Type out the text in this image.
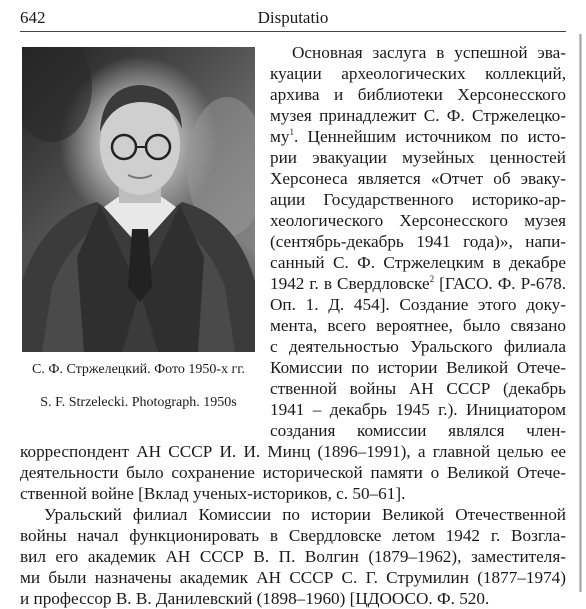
642	Disputatio
С. Ф. Стржелецкий. Фото 1950-х гг.
S. F. Strzelecki. Photograph. 1950s
Основная заслуга в успешной эва-
куации археологических коллекций,
архива и библиотеки Херсонесского
музея принадлежит С. Ф. Стржелецко-
$му^1$. Ценнейшим источником по исто-
рии эвакуации музейных ценностей
Херсонеса является «Отчет об эваку-
ации Государственного историко-ар-
хеологического Херсонесского музея
(сентябрь-декабрь 1941 года)», напи-
санный С. Ф. Стржелецким в декабре
1942 г. в Свердловске$^2$ [ГАСО. Ф. Р-678.
Оп. 1. Д. 454]. Создание этого доку-
мента, всего вероятнее, было связано
с деятельностью Уральского филиала
Комиссии по истории Великой Отече-
ственной войны АН СССР (декабрь
1941 – декабрь 1945 г.). Инициатором
создания комиссии являлся член-
корреспондент АН СССР И. И. Минц (1896–1991), а главной целью ее
деятельности было сохранение исторической памяти о Великой Отече-
ственной войне [Вклад ученых-историков, с. 50–61].
Уральский филиал Комиссии по истории Великой Отечественной
войны начал функционировать в Свердловске летом 1942 г. Возгла-
вил его академик АН СССР В. П. Волгин (1879–1962), заместителя-
ми были назначены академик АН СССР С. Г. Струмилин (1877–1974)
и профессор В. В. Данилевский (1898–1960) [ЦДООСО. Ф. 520.
